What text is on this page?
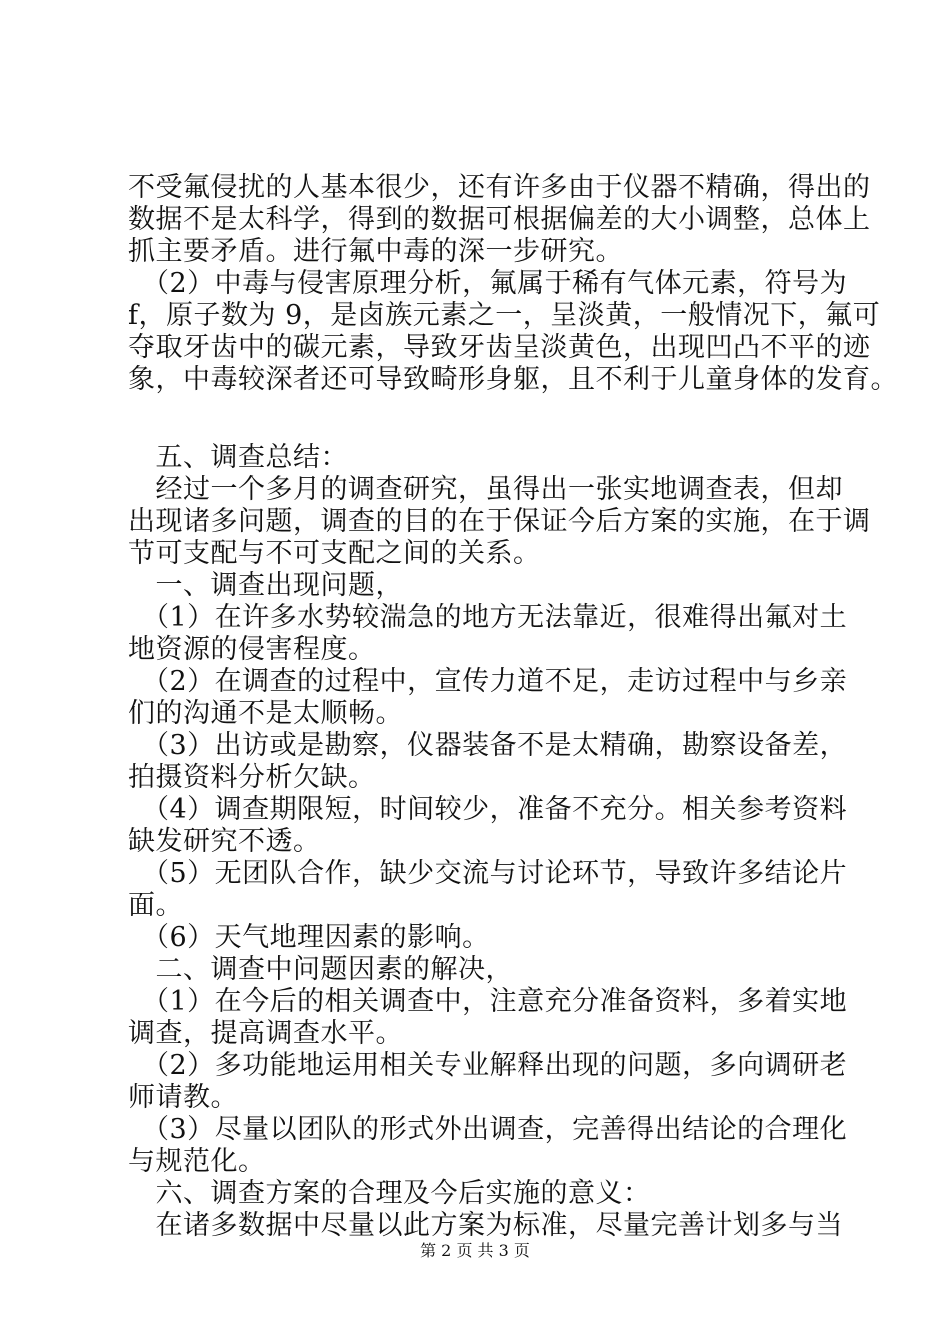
不受氟侵扰的人基本很少，还有许多由于仪器不精确，得出的
数据不是太科学，得到的数据可根据偏差的大小调整，总体上
抓主要矛盾。进行氟中毒的深一步研究。
　（2）中毒与侵害原理分析，氟属于稀有气体元素，符号为
f，原子数为 9，是卤族元素之一，呈淡黄，一般情况下，氟可
夺取牙齿中的碳元素，导致牙齿呈淡黄色，出现凹凸不平的迹
象，中毒较深者还可导致畸形身躯，且不利于儿童身体的发育。
　五、调查总结：
　经过一个多月的调查研究，虽得出一张实地调查表，但却
出现诸多问题，调查的目的在于保证今后方案的实施，在于调
节可支配与不可支配之间的关系。
　一、调查出现问题，
　（1）在许多水势较湍急的地方无法靠近，很难得出氟对土
地资源的侵害程度。
　（2）在调查的过程中，宣传力道不足，走访过程中与乡亲
们的沟通不是太顺畅。
　（3）出访或是勘察，仪器装备不是太精确，勘察设备差，
拍摄资料分析欠缺。
　（4）调查期限短，时间较少，准备不充分。相关参考资料
缺发研究不透。
　（5）无团队合作，缺少交流与讨论环节，导致许多结论片
面。
　（6）天气地理因素的影响。
　二、调查中问题因素的解决，
　（1）在今后的相关调查中，注意充分准备资料，多着实地
调查，提高调查水平。
　（2）多功能地运用相关专业解释出现的问题，多向调研老
师请教。
　（3）尽量以团队的形式外出调查，完善得出结论的合理化
与规范化。
　六、调查方案的合理及今后实施的意义：
　在诸多数据中尽量以此方案为标准，尽量完善计划多与当
第 2 页 共 3 页
